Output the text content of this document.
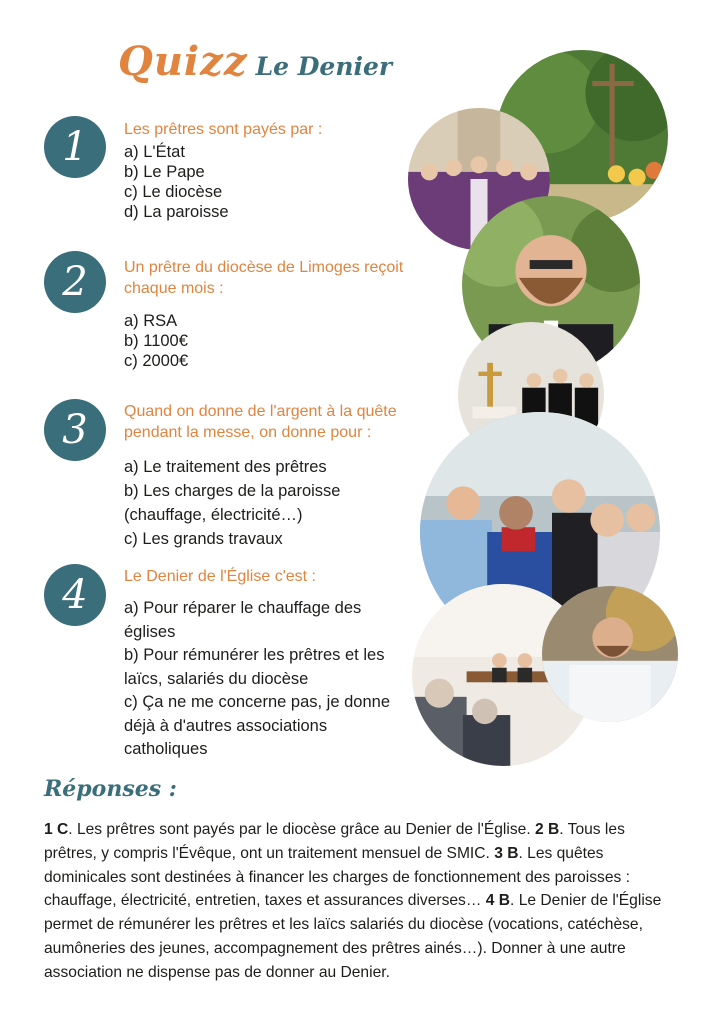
Quizz Le Denier
1	Les prêtres sont payés par :
a) L'État
b) Le Pape
c) Le diocèse
d) La paroisse
2	Un prêtre du diocèse de Limoges reçoit chaque mois :
a) RSA
b) 1100€
c) 2000€
3	Quand on donne de l'argent à la quête pendant la messe, on donne pour :
a) Le traitement des prêtres
b) Les charges de la paroisse (chauffage, électricité…)
c) Les grands travaux
4	Le Denier de l'Église c'est :
a) Pour réparer le chauffage des églises
b) Pour rémunérer les prêtres et les laïcs, salariés du diocèse
c) Ça ne me concerne pas, je donne déjà à d'autres associations catholiques
Réponses :
1 C. Les prêtres sont payés par le diocèse grâce au Denier de l'Église. 2 B. Tous les prêtres, y compris l'Évêque, ont un traitement mensuel de SMIC. 3 B. Les quêtes dominicales sont destinées à financer les charges de fonctionnement des paroisses : chauffage, électricité, entretien, taxes et assurances diverses… 4 B. Le Denier de l'Église permet de rémunérer les prêtres et les laïcs salariés du diocèse (vocations, catéchèse, aumôneries des jeunes, accompagnement des prêtres ainés…). Donner à une autre association ne dispense pas de donner au Denier.
